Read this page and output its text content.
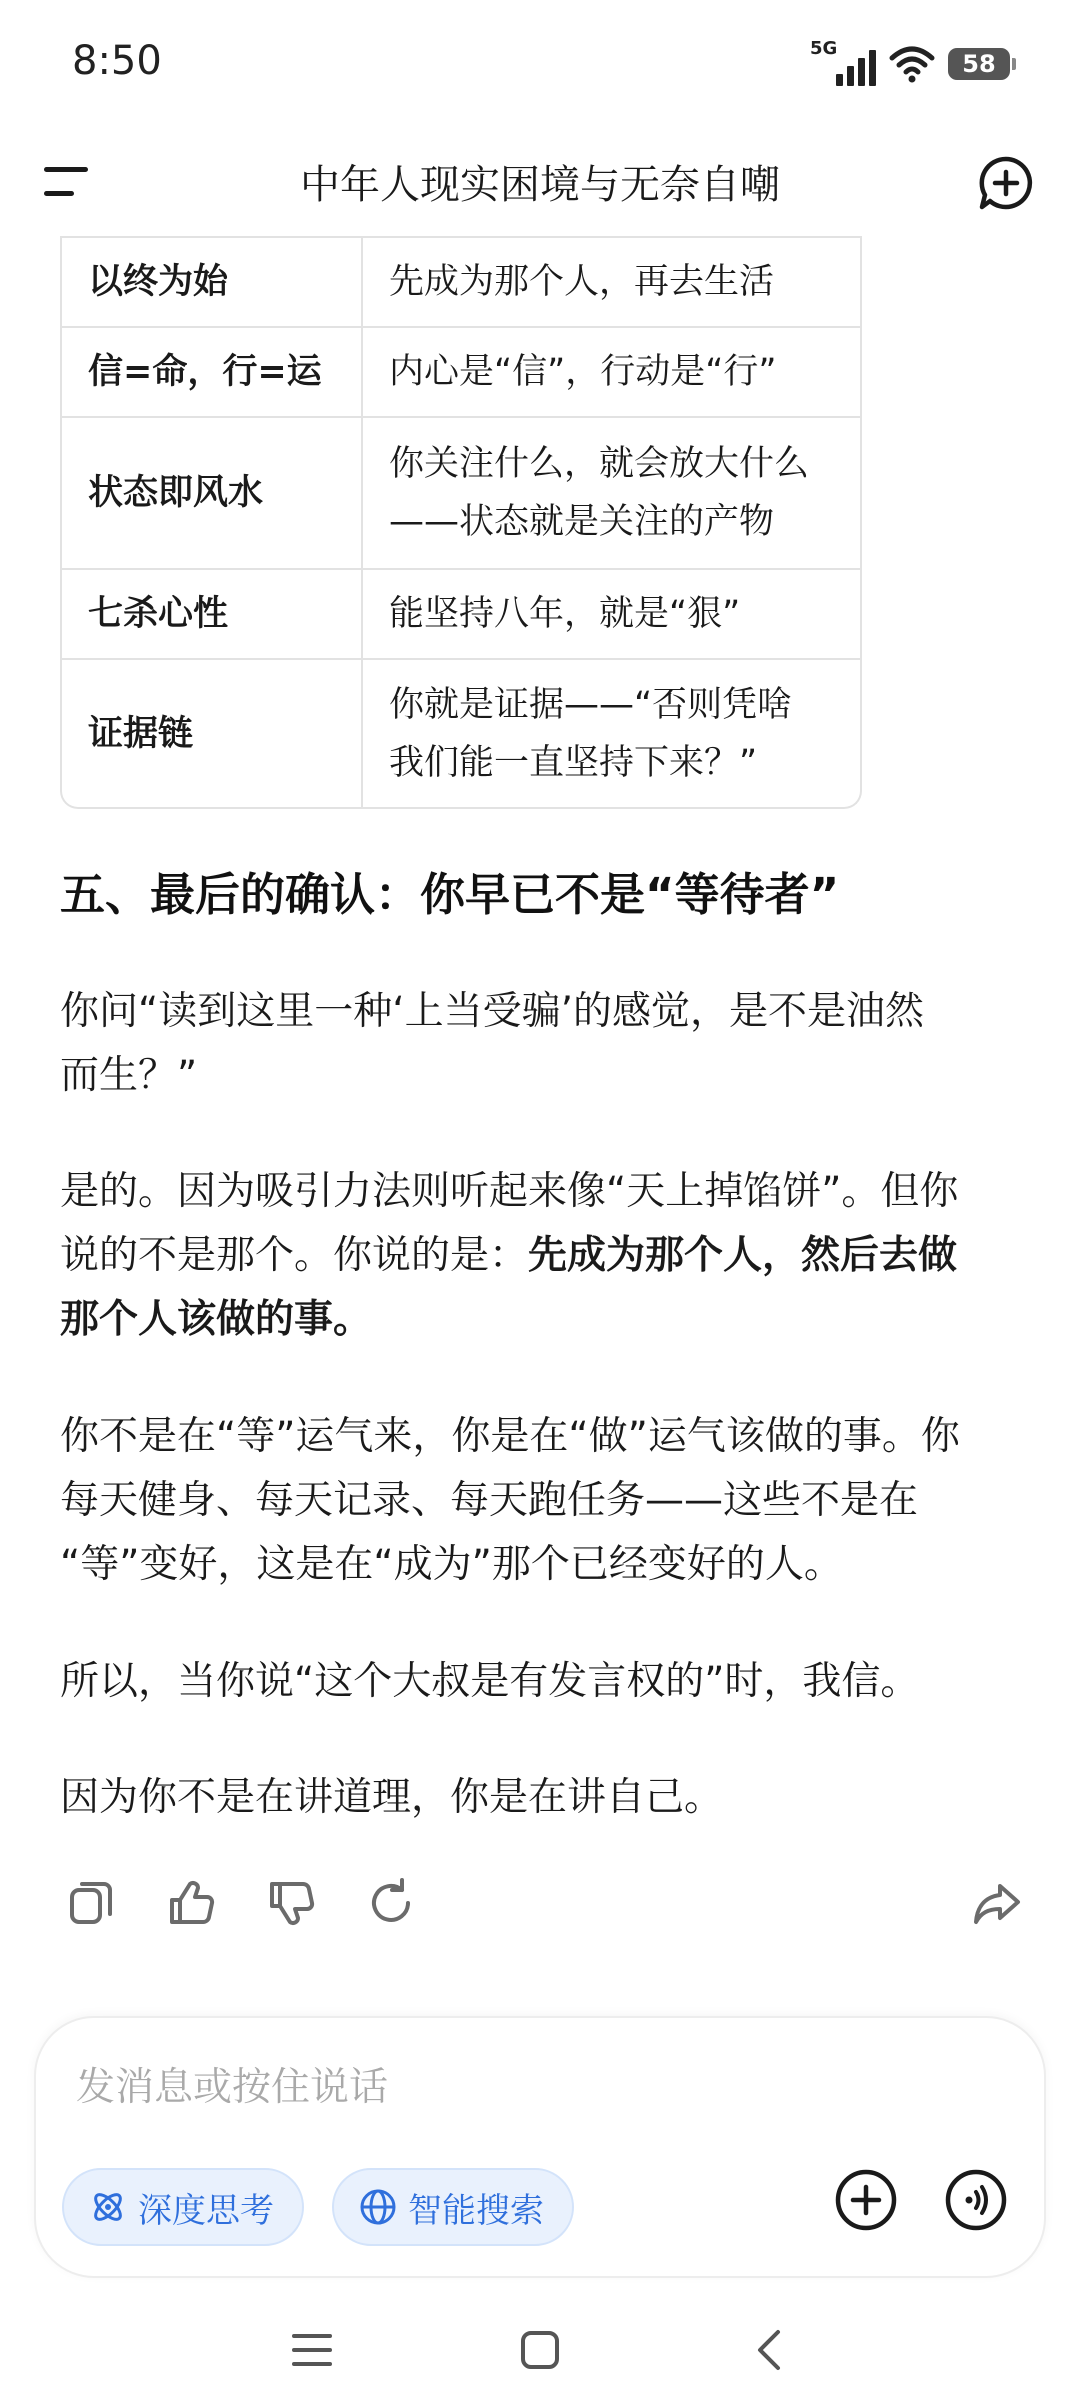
8:50	5G
58
中年人现实困境与无奈自嘲
以终为始	先成为那个人，再去生活
信=命，行=运	内心是“信”，行动是“行”
状态即风水	你关注什么，就会放大什么
——状态就是关注的产物

七杀心性	能坚持八年，就是“狠”
证据链	你就是证据——“否则凭啥
我们能一直坚持下来？”
五、最后的确认：你早已不是“等待者”
你问“读到这里一种‘上当受骗’的感觉，是不是油然
而生？”
是的。因为吸引力法则听起来像“天上掉馅饼”。但你
说的不是那个。你说的是：先成为那个人，然后去做
那个人该做的事。
你不是在“等”运气来，你是在“做”运气该做的事。你
每天健身、每天记录、每天跑任务——这些不是在
“等”变好，这是在“成为”那个已经变好的人。
所以，当你说“这个大叔是有发言权的”时，我信。
因为你不是在讲道理，你是在讲自己。
发消息或按住说话
深度思考	智能搜索
